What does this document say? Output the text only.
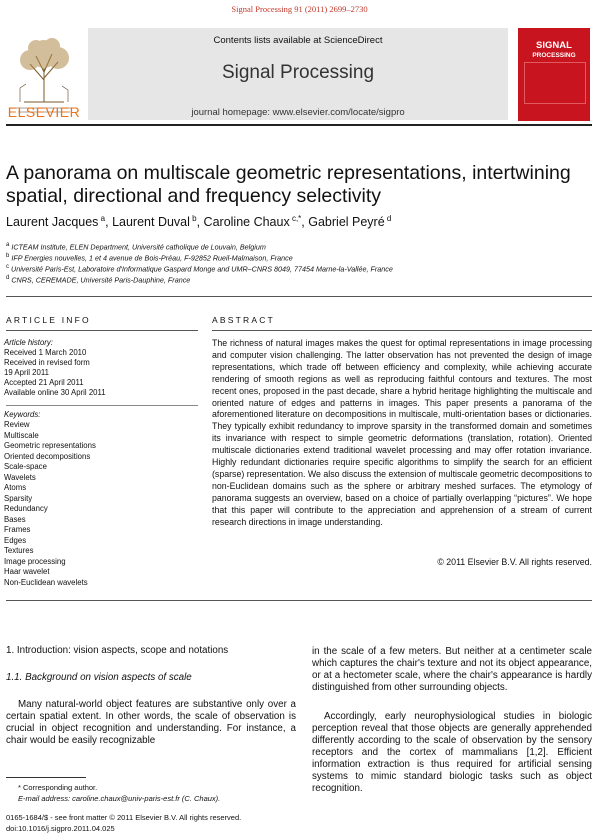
Signal Processing 91 (2011) 2699–2730
Contents lists available at ScienceDirect
Signal Processing
journal homepage: www.elsevier.com/locate/sigpro
ELSEVIER
SIGNAL
PROCESSING
A panorama on multiscale geometric representations, intertwining
spatial, directional and frequency selectivity
Laurent Jacques $^a$, Laurent Duval $^b$, Caroline Chaux $^{c,*}$, Gabriel Peyré $^d$
$^a$ ICTEAM Institute, ELEN Department, Université catholique de Louvain, Belgium
$^b$ IFP Energies nouvelles, 1 et 4 avenue de Bois-Préau, F-92852 Rueil-Malmaison, France
$^c$ Université Paris-Est, Laboratoire d'Informatique Gaspard Monge and UMR–CNRS 8049, 77454 Marne-la-Vallée, France
$^d$ CNRS, CEREMADE, Université Paris-Dauphine, France
ARTICLE INFO
Article history:
Received 1 March 2010
Received in revised form
19 April 2011
Accepted 21 April 2011
Available online 30 April 2011
Keywords:
Review
Multiscale
Geometric representations
Oriented decompositions
Scale-space
Wavelets
Atoms
Sparsity
Redundancy
Bases
Frames
Edges
Textures
Image processing
Haar wavelet
Non-Euclidean wavelets
ABSTRACT
The richness of natural images makes the quest for optimal representations in image processing and computer vision challenging. The latter observation has not prevented the design of image representations, which trade off between efficiency and complexity, while achieving accurate rendering of smooth regions as well as reproducing faithful contours and textures. The most recent ones, proposed in the past decade, share a hybrid heritage highlighting the multiscale and oriented nature of edges and patterns in images. This paper presents a panorama of the aforementioned literature on decompositions in multiscale, multi-orientation bases or dictionaries. They typically exhibit redundancy to improve sparsity in the transformed domain and sometimes its invariance with respect to simple geometric deformations (translation, rotation). Oriented multiscale dictionaries extend traditional wavelet processing and may offer rotation invariance. Highly redundant dictionaries require specific algorithms to simplify the search for an efficient (sparse) representation. We also discuss the extension of multiscale geometric decompositions to non-Euclidean domains such as the sphere or arbitrary meshed surfaces. The etymology of panorama suggests an overview, based on a choice of partially overlapping “pictures”. We hope that this paper will contribute to the appreciation and apprehension of a stream of current research directions in image understanding.
© 2011 Elsevier B.V. All rights reserved.
1. Introduction: vision aspects, scope and notations
1.1. Background on vision aspects of scale
Many natural-world object features are substantive only over a certain spatial extent. In other words, the scale of observation is crucial in object recognition and understanding. For instance, a chair would be easily recognizable
in the scale of a few meters. But neither at a centimeter scale which captures the chair's texture and not its object appearance, or at a hectometer scale, where the chair's appearance is hardly distinguished from other surrounding objects.
Accordingly, early neurophysiological studies in biologic perception reveal that those objects are generally apprehended differently according to the scale of observation by the sensory receptors and the cortex of mammalians [1,2]. Efficient information extraction is thus required for artificial sensing systems to mimic standard biologic tasks such as object recognition.
* Corresponding author.
E-mail address: caroline.chaux@univ-paris-est.fr (C. Chaux).
0165-1684/$ - see front matter © 2011 Elsevier B.V. All rights reserved.
doi:10.1016/j.sigpro.2011.04.025
